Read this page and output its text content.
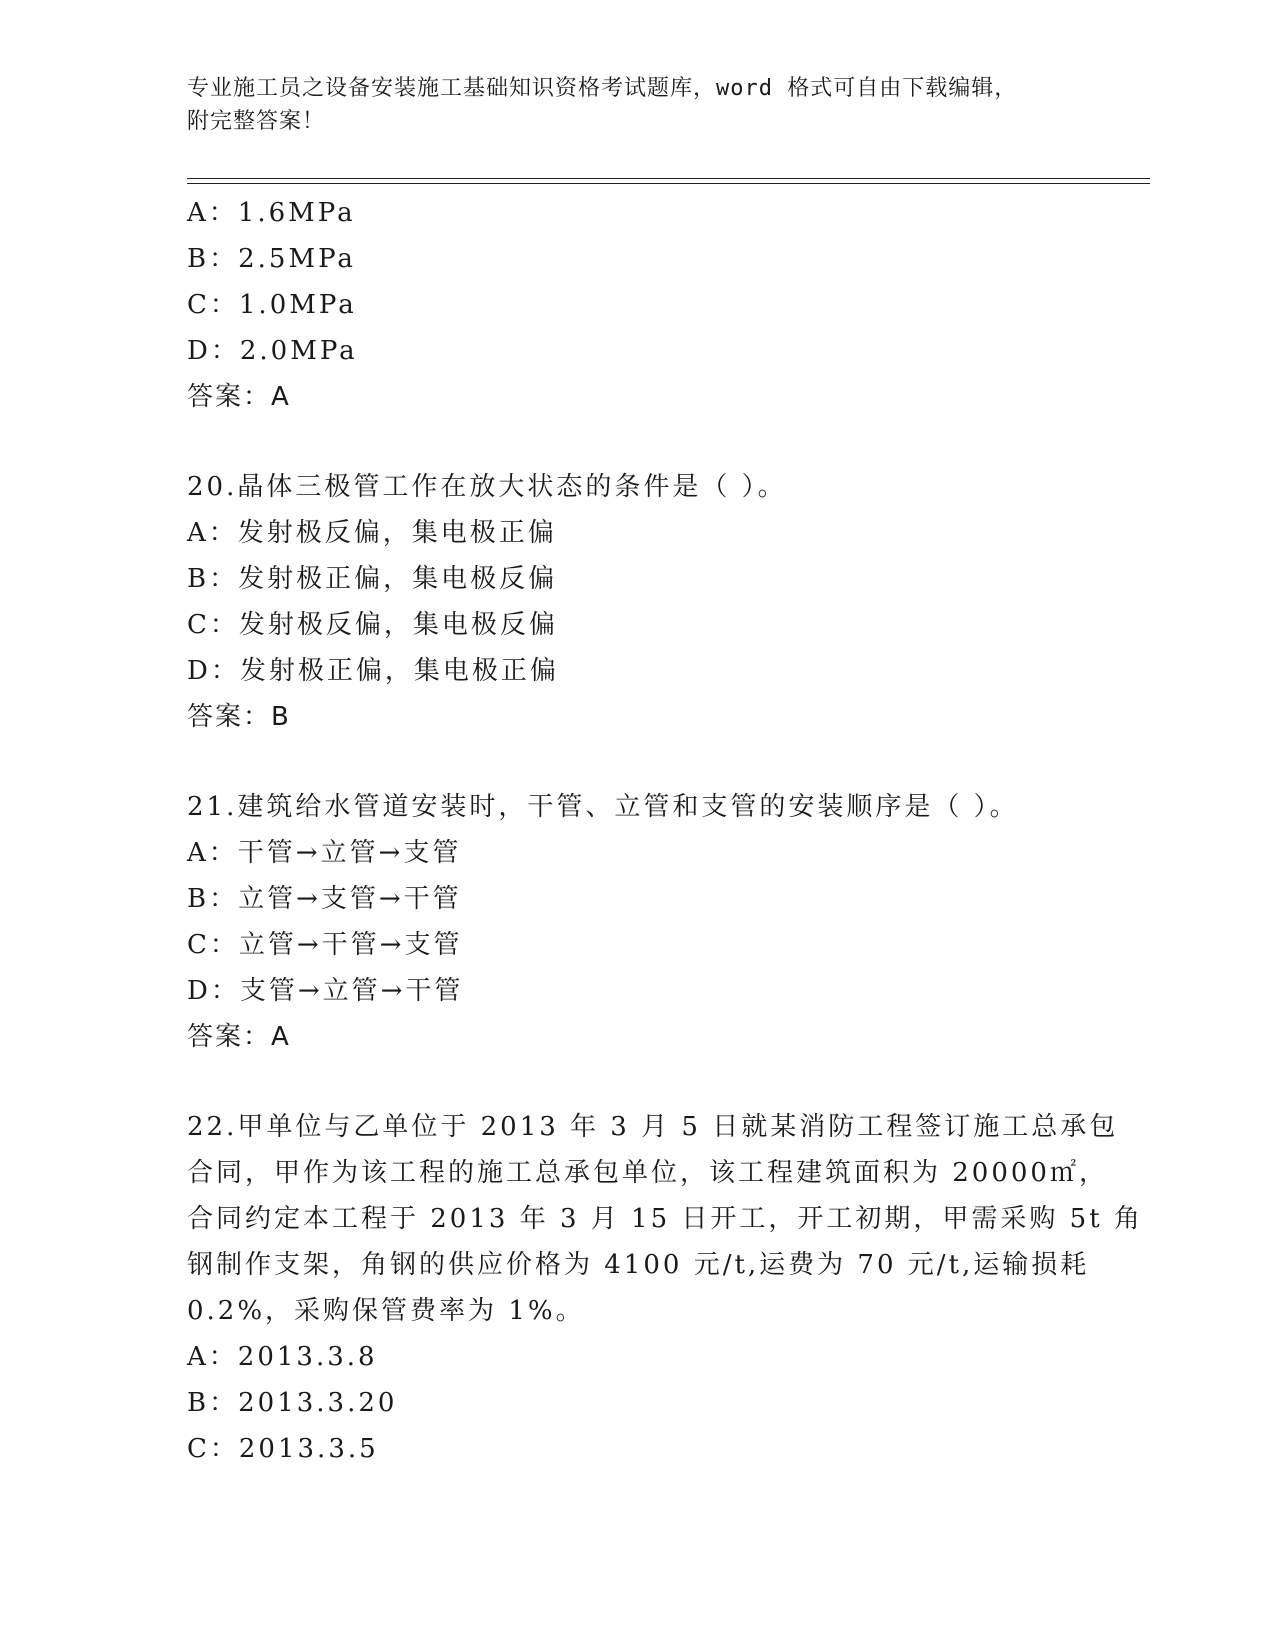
专业施工员之设备安装施工基础知识资格考试题库，word 格式可自由下载编辑，
附完整答案！
A：1.6MPa
B：2.5MPa
C：1.0MPa
D：2.0MPa
答案：A
20.晶体三极管工作在放大状态的条件是（ ）。
A：发射极反偏，集电极正偏
B：发射极正偏，集电极反偏
C：发射极反偏，集电极反偏
D：发射极正偏，集电极正偏
答案：B
21.建筑给水管道安装时，干管、立管和支管的安装顺序是（ ）。
A：干管→立管→支管
B：立管→支管→干管
C：立管→干管→支管
D：支管→立管→干管
答案：A
22.甲单位与乙单位于 2013 年 3 月 5 日就某消防工程签订施工总承包
合同，甲作为该工程的施工总承包单位，该工程建筑面积为 20000㎡，
合同约定本工程于 2013 年 3 月 15 日开工，开工初期，甲需采购 5t 角
钢制作支架，角钢的供应价格为 4100 元/t,运费为 70 元/t,运输损耗
0.2%，采购保管费率为 1%。
A：2013.3.8
B：2013.3.20
C：2013.3.5
